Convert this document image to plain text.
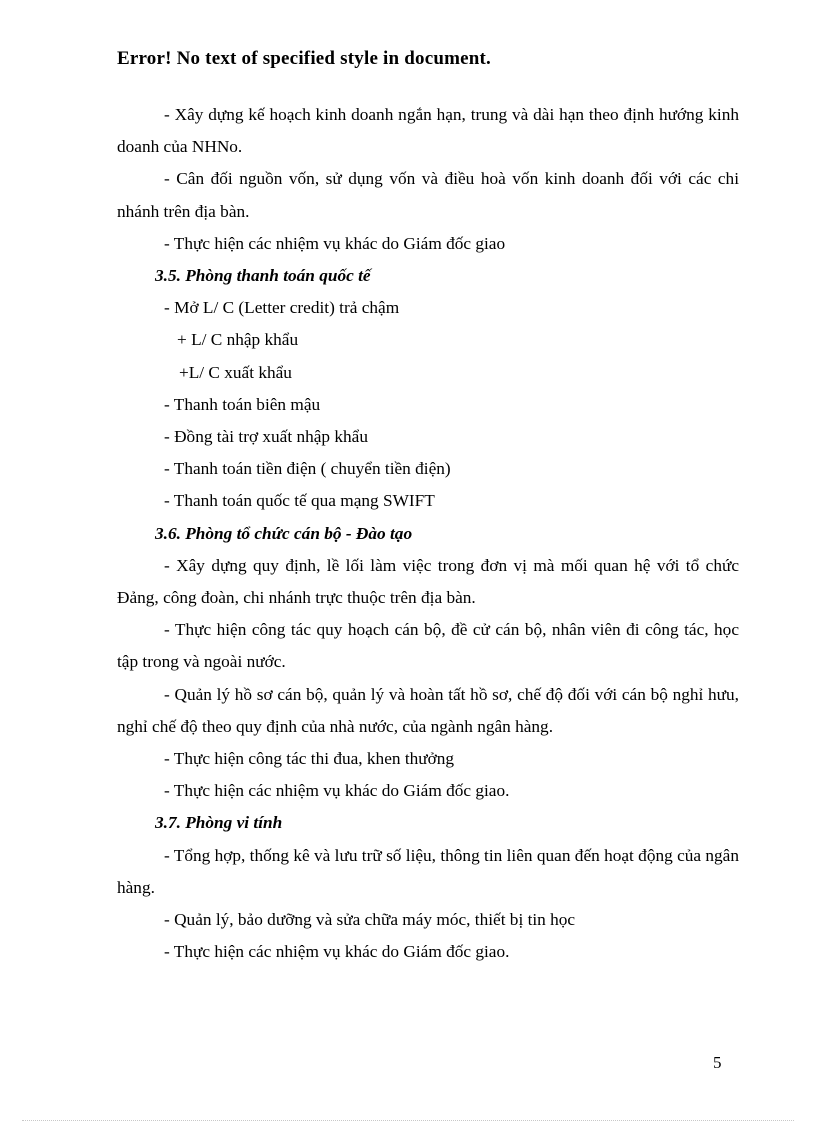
Error! No text of specified style in document.

- Xây dựng kế hoạch kinh doanh ngắn hạn, trung và dài hạn theo định hướng kinh doanh của NHNo.

- Cân đối nguồn vốn, sử dụng vốn và điều hoà vốn kinh doanh đối với các chi nhánh trên địa bàn.

- Thực hiện các nhiệm vụ khác do Giám đốc giao

3.5. Phòng thanh toán quốc tế

- Mở L/ C (Letter credit) trả chậm

+ L/ C nhập khẩu

+L/ C xuất khẩu

- Thanh toán biên mậu

- Đồng tài trợ xuất nhập khẩu

- Thanh toán tiền điện ( chuyển tiền điện)

- Thanh toán quốc tế qua mạng SWIFT

3.6. Phòng tổ chức cán bộ - Đào tạo

- Xây dựng quy định, lề lối làm việc trong đơn vị mà mối quan hệ với tổ chức Đảng, công đoàn, chi nhánh trực thuộc trên địa bàn.

- Thực hiện công tác quy hoạch cán bộ, đề cử cán bộ, nhân viên đi công tác, học tập trong và ngoài nước.

- Quản lý hồ sơ cán bộ, quản lý và hoàn tất hồ sơ, chế độ đối với cán bộ nghỉ hưu, nghỉ chế độ theo quy định của nhà nước, của ngành ngân hàng.

- Thực hiện công tác thi đua, khen thưởng

- Thực hiện các nhiệm vụ khác do Giám đốc giao.

3.7. Phòng vi tính

- Tổng hợp, thống kê và lưu trữ số liệu, thông tin liên quan đến hoạt động của ngân hàng.

- Quản lý, bảo dưỡng và sửa chữa máy móc, thiết bị tin học

- Thực hiện các nhiệm vụ khác do Giám đốc giao.

5
